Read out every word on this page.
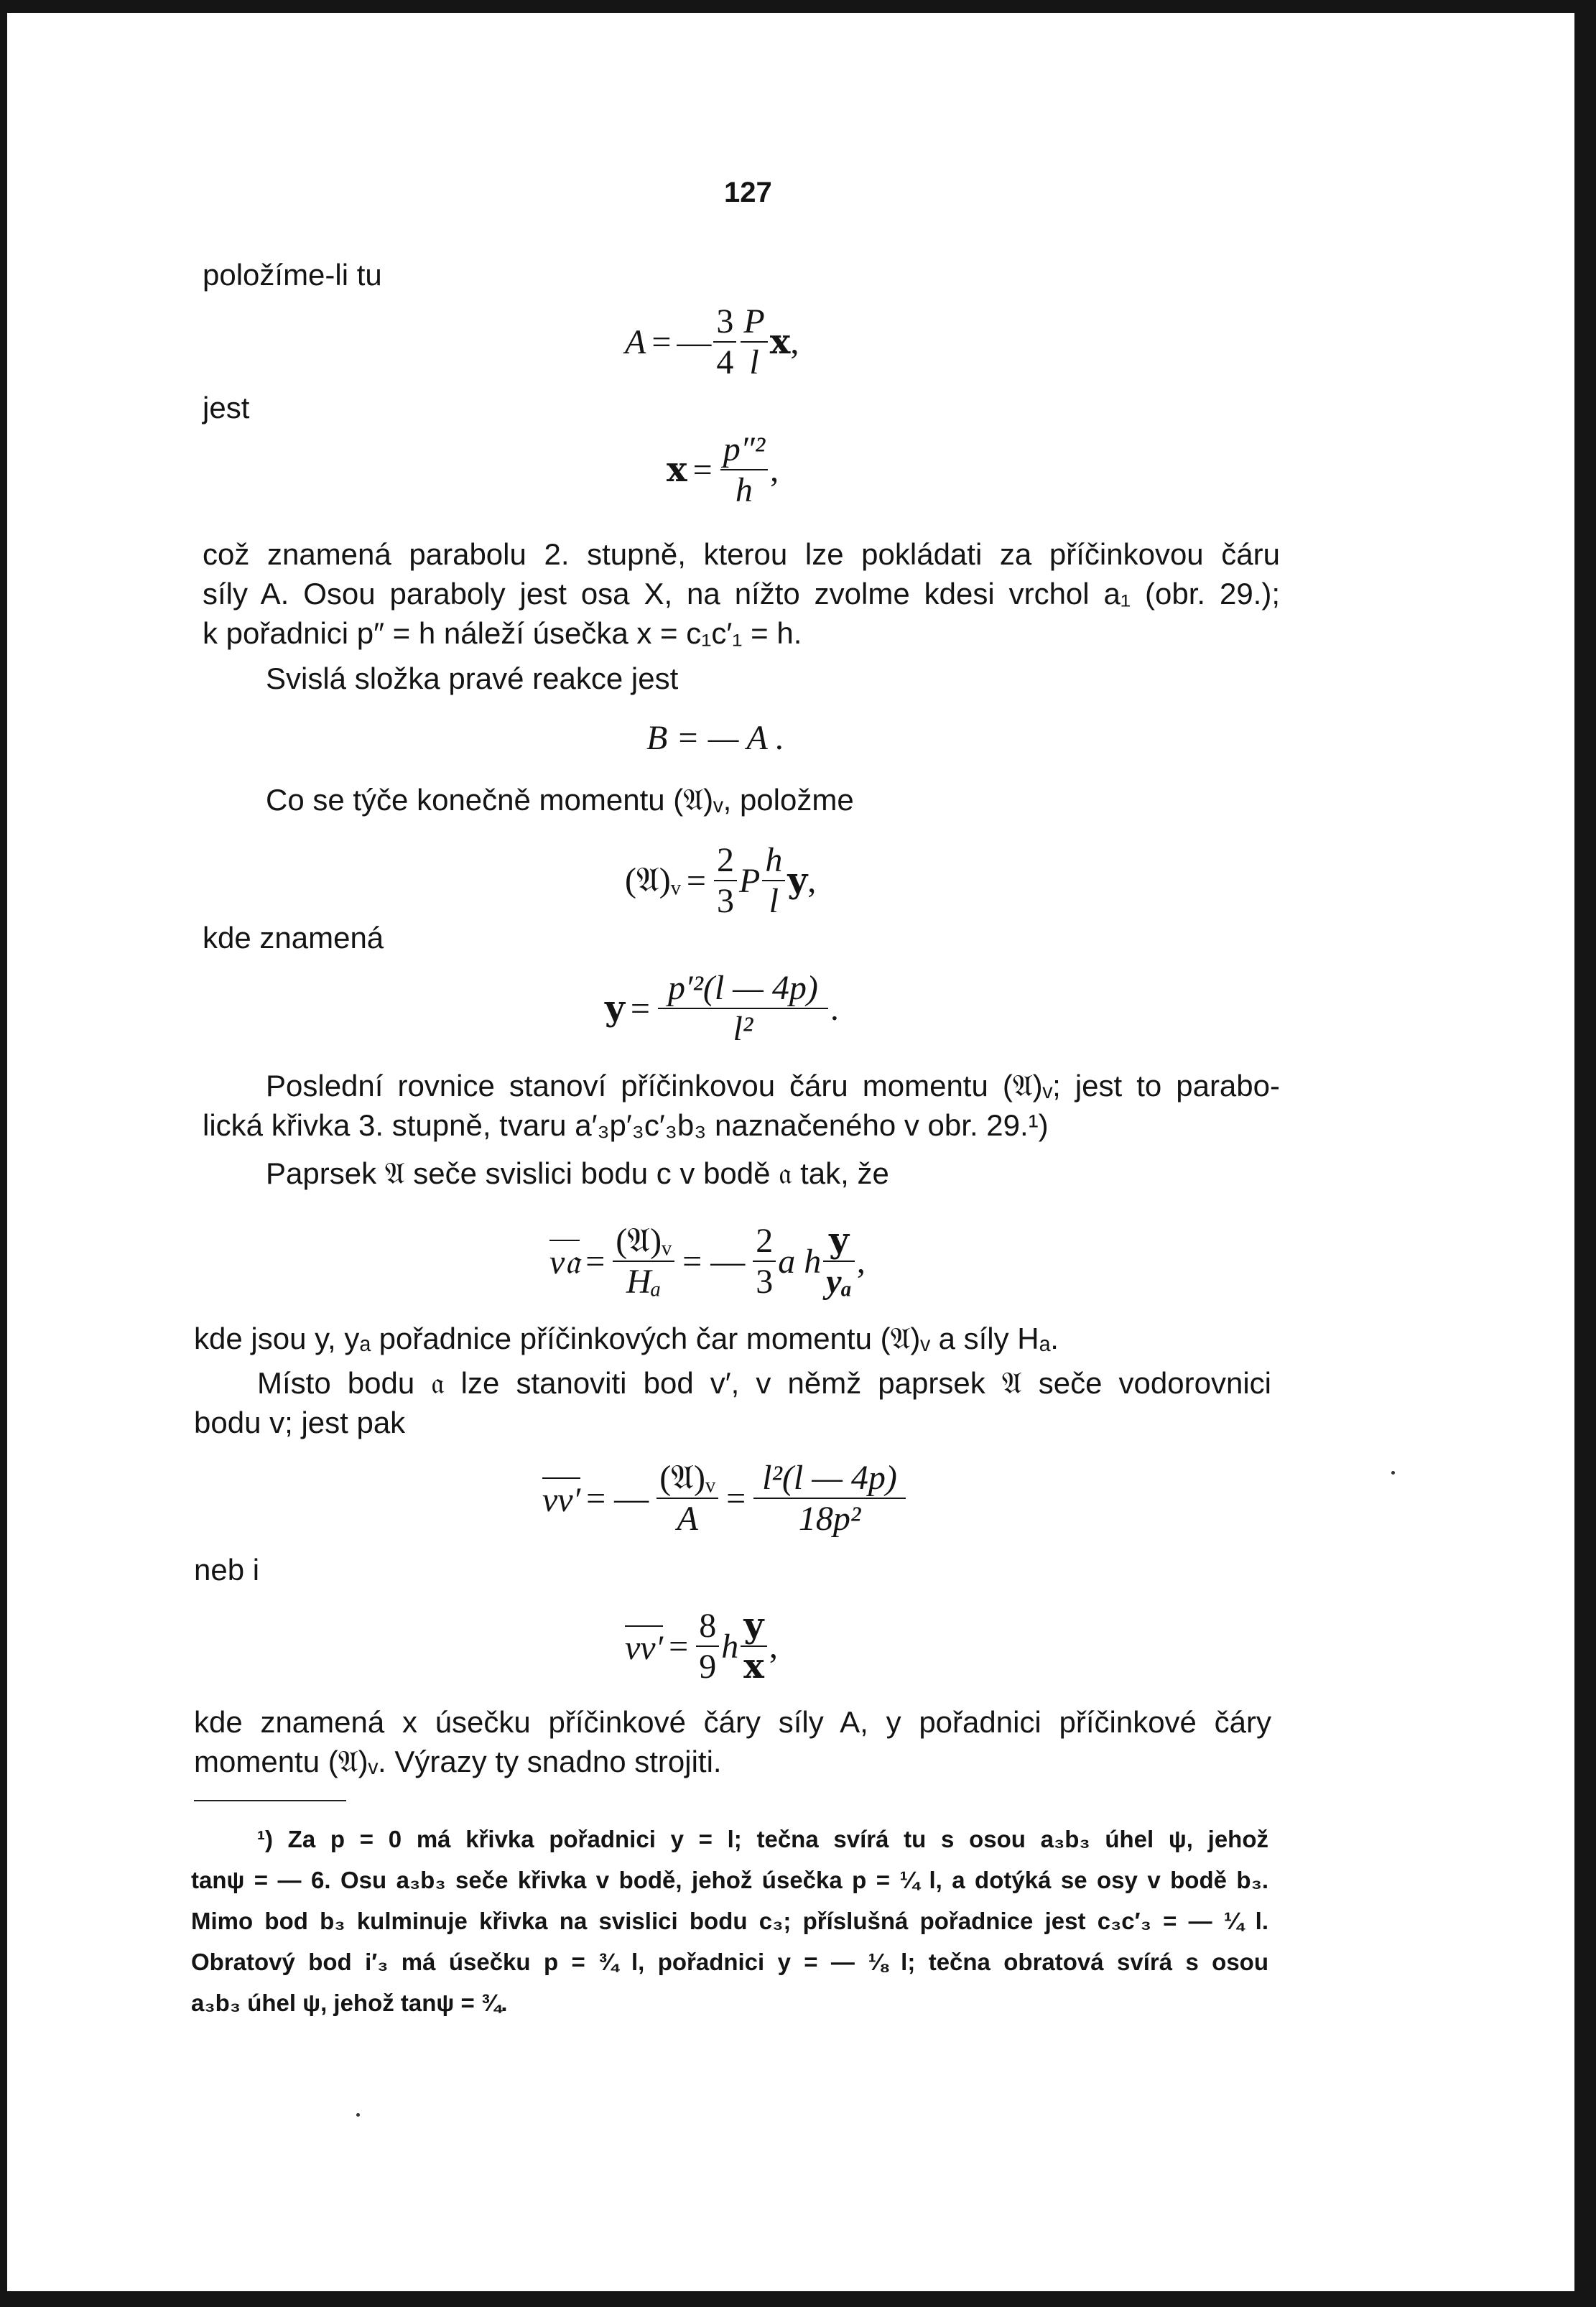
127
položíme-li tu
A = — $\frac{3}{4} \frac{P}{l}$ x ,
jest
$x = \frac{\text{p″²}}{h}$ ,
což znamená parabolu 2. stupně, kterou lze pokládati za příčinkovou čáru
síly A. Osou paraboly jest osa X, na nížto zvolme kdesi vrchol a₁ (obr. 29.);
k pořadnici p″ = h náleží úsečka x = c₁c′₁ = h.
Svislá složka pravé reakce jest
B = — A .
Co se týče konečně momentu (𝔄)ᵥ, položme
(𝔄)ᵥ = $\frac{2}{3}$ P $\frac{h}{l}$ y ,
kde znamená
$y = \frac{\text{p′²(l — 4p)}}{\text{l²}}$ .
Poslední rovnice stanoví příčinkovou čáru momentu (𝔄)ᵥ; jest to parabo-
lická křivka 3. stupně, tvaru a′₃p′₃c′₃b₃ naznačeného v obr. 29.¹)
Paprsek 𝔄 seče svislici bodu c v bodě 𝔞 tak, že
v𝔞 = $\frac{\text{(𝔄)ᵥ}}{\text{Hₐ}}$ = — $\frac{2}{3}$ a h $\frac{y}{\text{yₐ}}$ ,
kde jsou y, yₐ pořadnice příčinkových čar momentu (𝔄)ᵥ a síly Hₐ.
Místo bodu 𝔞 lze stanoviti bod v′, v němž paprsek 𝔄 seče vodorovnici
bodu v; jest pak
vv′ = — $\frac{\text{(𝔄)ᵥ}}{A} = \frac{\text{l²(l — 4p)}}{\text{18p²}}$
neb i
$vv' = \frac{8}{9}$ h $\frac{y}{x}$ ,
kde znamená x úsečku příčinkové čáry síly A, y pořadnici příčinkové čáry
momentu (𝔄)ᵥ. Výrazy ty snadno strojiti.
¹) Za p = 0 má křivka pořadnici y = l; tečna svírá tu s osou a₃b₃ úhel ψ, jehož
tanψ = — 6. Osu a₃b₃ seče křivka v bodě, jehož úsečka p = ¼ l, a dotýká se osy v bodě b₃.
Mimo bod b₃ kulminuje křivka na svislici bodu c₃; příslušná pořadnice jest c₃c′₃ = — ¼ l.
Obratový bod i′₃ má úsečku p = ¾ l, pořadnici y = — ⅛ l; tečna obratová svírá s osou
a₃b₃ úhel ψ, jehož tanψ = ¾.
